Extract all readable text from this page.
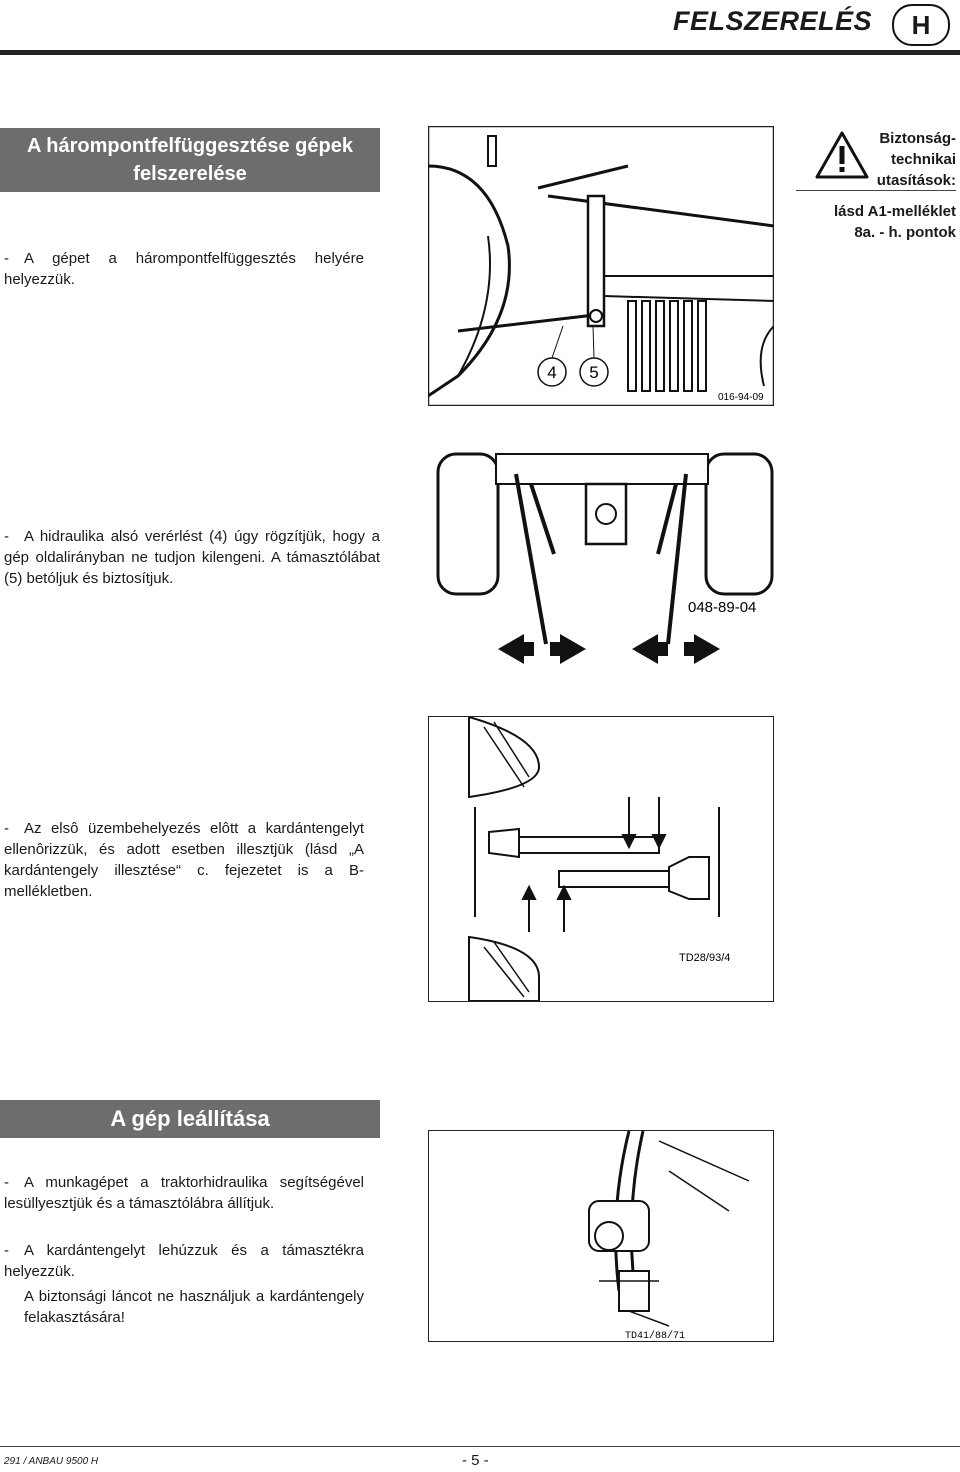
FELSZERELÉS	H
A hárompontfelfüggesztése gépek
felszerelése
Biztonság-
technikai
utasítások:
lásd A1-melléklet
8a. - h. pontok
- A gépet a hárompontfelfüggesztés helyére helyezzük.
- A hidraulika alsó verérlést (4) úgy rögzítjük, hogy a gép oldalirányban ne tudjon kilengeni. A támasztólábat (5) betóljuk és biztosítjuk.
- Az elsô üzembehelyezés elôtt a kardántengelyt ellenôrizzük, és adott esetben illesztjük (lásd „A kardántengely illesztése“ c. fejezetet is a B-mellékletben.
4 5
016-94-09
048-89-04
TD28/93/4
A gép leállítása
- A munkagépet a traktorhidraulika segítségével lesüllyesztjük és a támasztólábra állítjuk.
- A kardántengelyt lehúzzuk és a támasztékra helyezzük.
A biztonsági láncot ne használjuk a kardántengely felakasztására!
TD41/88/71
291 / ANBAU 9500 H	- 5 -
